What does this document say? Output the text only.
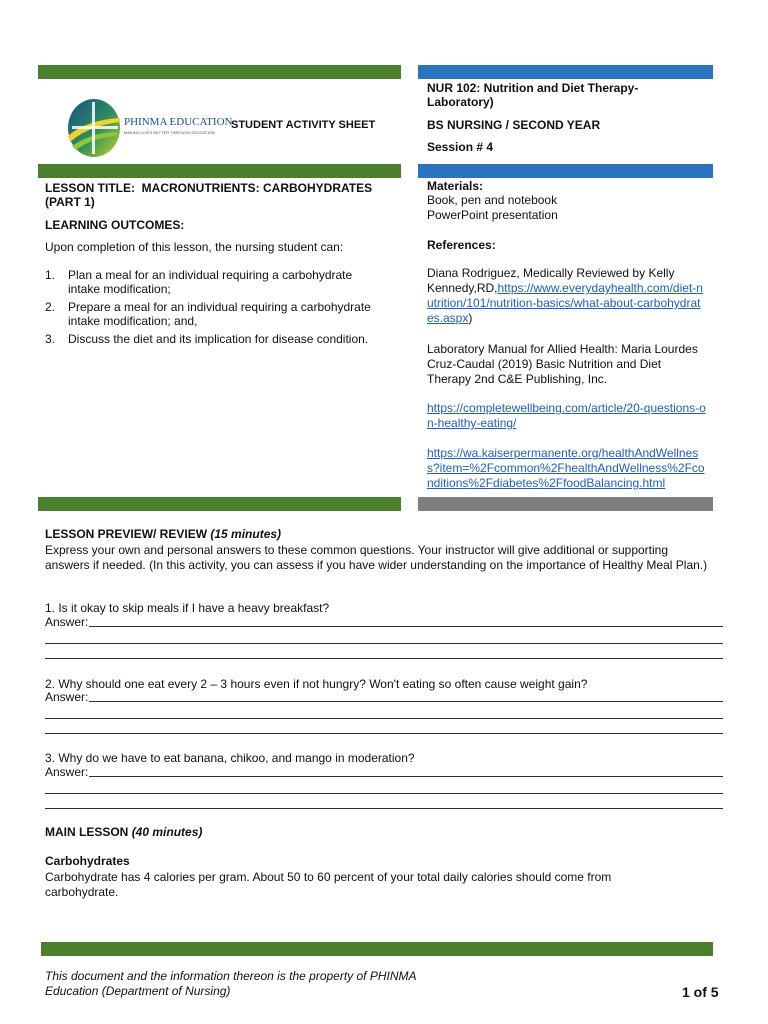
PHINMA EDUCATION
MAKING LIVES BETTER THROUGH EDUCATION
STUDENT ACTIVITY SHEET
NUR 102: Nutrition and Diet Therapy-Laboratory)
BS NURSING / SECOND YEAR
Session # 4
LESSON TITLE: MACRONUTRIENTS: CARBOHYDRATES (PART 1)
LEARNING OUTCOMES:
Upon completion of this lesson, the nursing student can:
1. Plan a meal for an individual requiring a carbohydrate intake modification;
2. Prepare a meal for an individual requiring a carbohydrate intake modification; and,
3. Discuss the diet and its implication for disease condition.
Materials:
Book, pen and notebook
PowerPoint presentation
References:
Diana Rodriguez, Medically Reviewed by Kelly Kennedy,RD,https://www.everydayhealth.com/diet-nutrition/101/nutrition-basics/what-about-carbohydrates.aspx)
Laboratory Manual for Allied Health: Maria Lourdes Cruz-Caudal (2019) Basic Nutrition and Diet Therapy 2nd C&E Publishing, Inc.
https://completewellbeing.com/article/20-questions-on-healthy-eating/
https://wa.kaiserpermanente.org/healthAndWellness?item=%2Fcommon%2FhealthAndWellness%2Fconditions%2Fdiabetes%2FfoodBalancing.html
LESSON PREVIEW/ REVIEW (15 minutes)
Express your own and personal answers to these common questions. Your instructor will give additional or supporting answers if needed. (In this activity, you can assess if you have wider understanding on the importance of Healthy Meal Plan.)
1. Is it okay to skip meals if I have a heavy breakfast?
Answer:
2. Why should one eat every 2 – 3 hours even if not hungry? Won't eating so often cause weight gain?
Answer:
3. Why do we have to eat banana, chikoo, and mango in moderation?
Answer:
MAIN LESSON (40 minutes)
Carbohydrates
Carbohydrate has 4 calories per gram. About 50 to 60 percent of your total daily calories should come from carbohydrate.
This document and the information thereon is the property of PHINMA Education (Department of Nursing)	1 of 5
